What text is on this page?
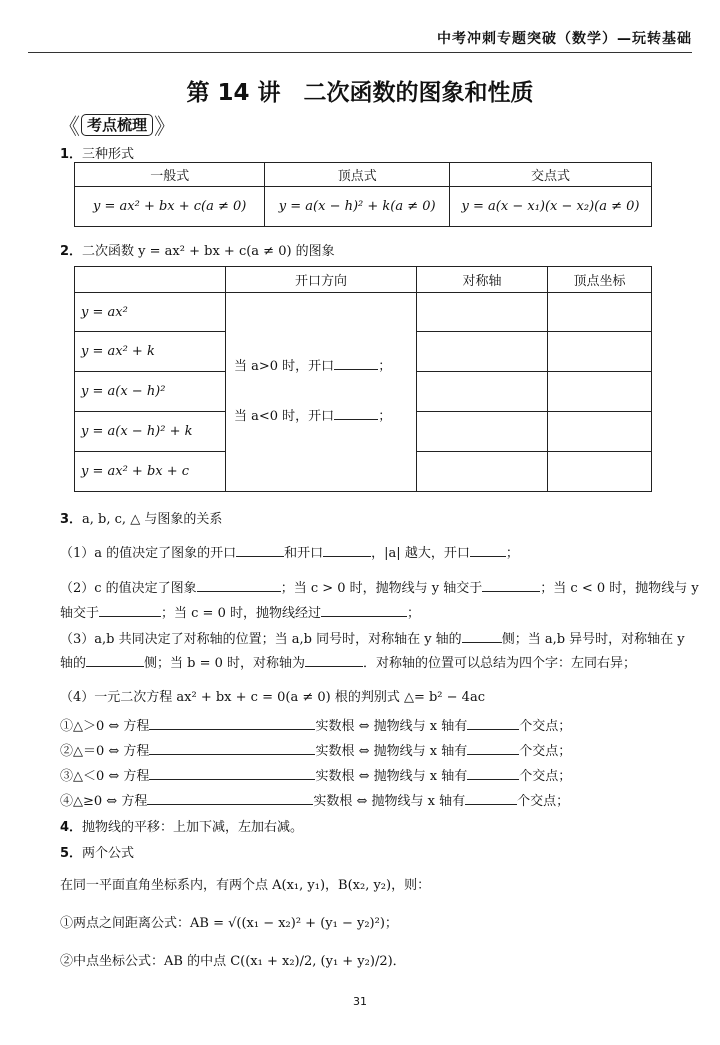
中考冲刺专题突破（数学）—玩转基础
第 14 讲　二次函数的图象和性质
《 考点梳理 》
1．三种形式
一般式	顶点式	交点式
y = ax² + bx + c(a ≠ 0)	y = a(x − h)² + k(a ≠ 0)	y = a(x − x₁)(x − x₂)(a ≠ 0)
2．二次函数 y = ax² + bx + c(a ≠ 0) 的图象
	开口方向	对称轴	顶点坐标
y = ax²	当 a>0 时，开口 ；
当 a<0 时，开口 ；		

y = ax² + k			
y = a(x − h)²			
y = a(x − h)² + k			
y = ax² + bx + c			
3．a, b, c, △ 与图象的关系
（1）a 的值决定了图象的开口	和开口	，|a| 越大，开口	；
（2）c 的值决定了图象	；当 c > 0 时，抛物线与 y 轴交于	；当 c < 0 时，抛物线与 y
轴交于	；当 c = 0 时，抛物线经过	；
（3）a,b 共同决定了对称轴的位置；当 a,b 同号时，对称轴在 y 轴的	侧；当 a,b 异号时，对称轴在 y
轴的	侧；当 b = 0 时，对称轴为	．对称轴的位置可以总结为四个字：左同右异；
（4）一元二次方程 ax² + bx + c = 0(a ≠ 0) 根的判别式 △= b² − 4ac
①△＞0 ⇔ 方程	实数根 ⇔ 抛物线与 x 轴有	个交点；
②△＝0 ⇔ 方程	实数根 ⇔ 抛物线与 x 轴有	个交点；
③△＜0 ⇔ 方程	实数根 ⇔ 抛物线与 x 轴有	个交点；
④△≥0 ⇔ 方程	实数根 ⇔ 抛物线与 x 轴有	个交点；
4．抛物线的平移：上加下减，左加右减。
5．两个公式
在同一平面直角坐标系内，有两个点 A(x₁, y₁)，B(x₂, y₂)，则：
①两点之间距离公式：AB = √((x₁ − x₂)² + (y₁ − y₂)²)；
②中点坐标公式：AB 的中点 C((x₁ + x₂)/2, (y₁ + y₂)/2)．
31
